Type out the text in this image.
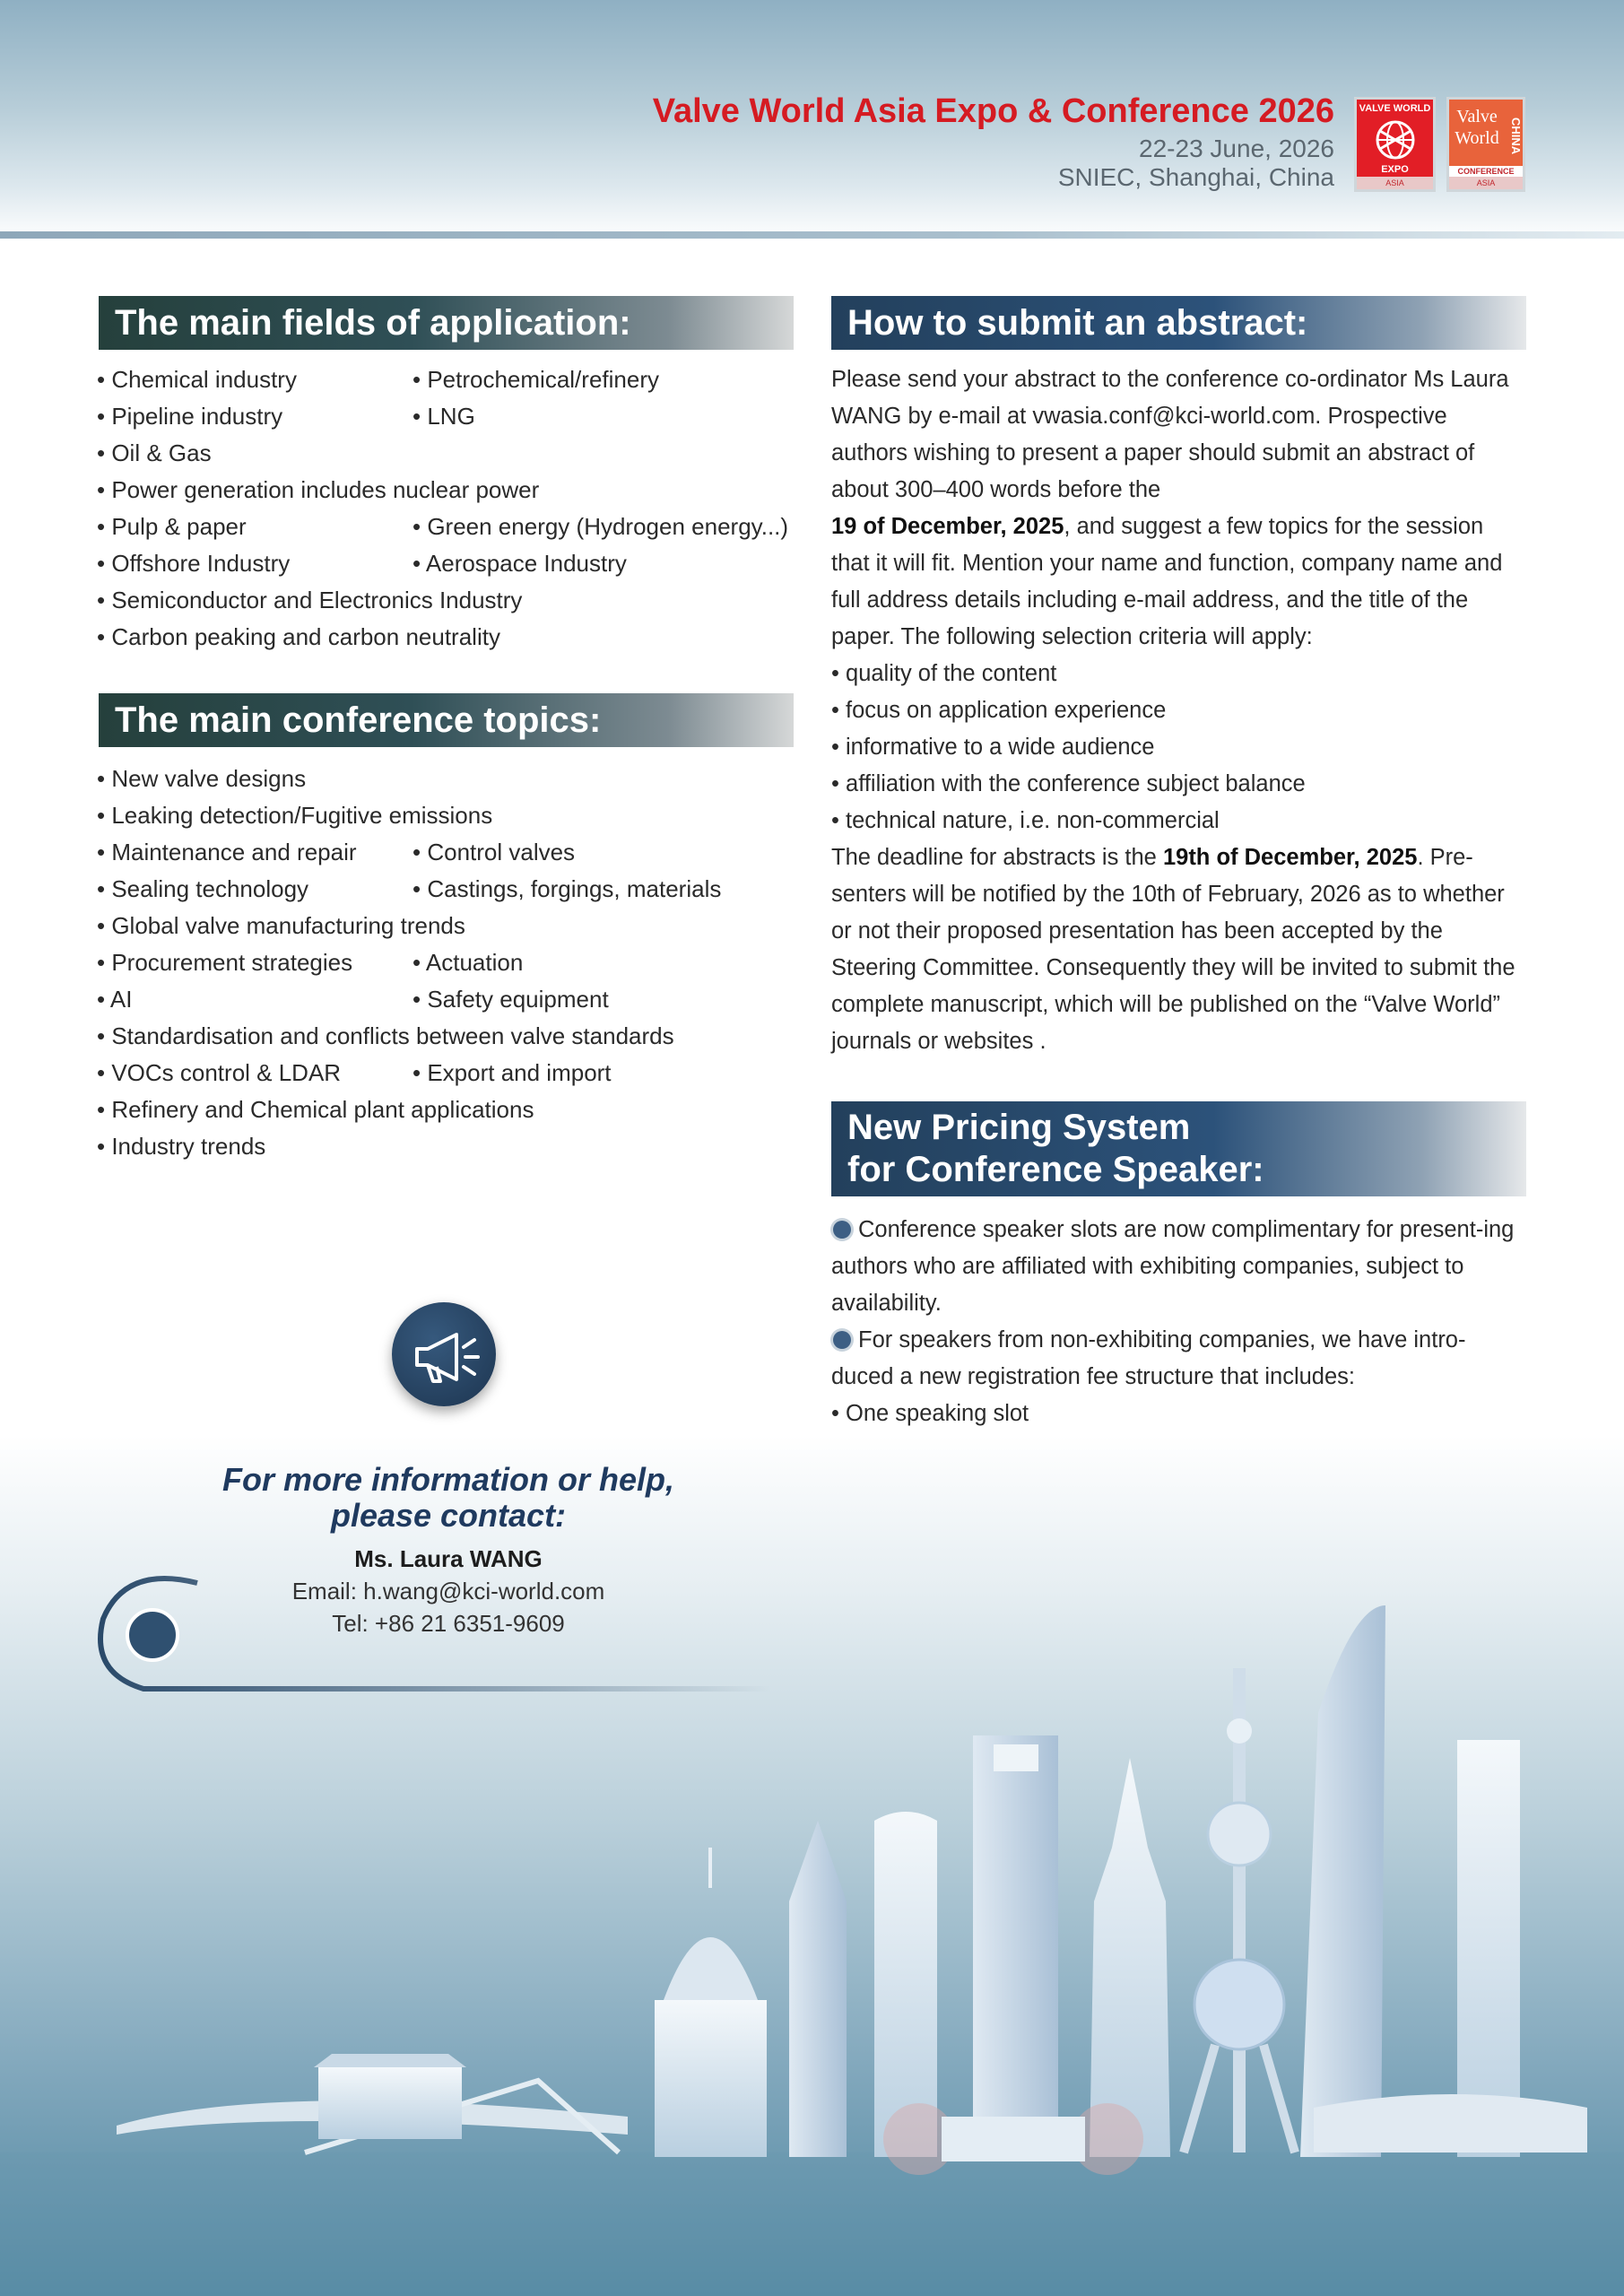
Valve World Asia Expo & Conference 2026
22-23 June, 2026
SNIEC, Shanghai, China
VALVE WORLD
EXPO
ASIA
Valve
World CHINA
CONFERENCE
ASIA
The main fields of application:
• Chemical industry	• Petrochemical/refinery
• Pipeline industry	• LNG
• Oil & Gas
• Power generation includes nuclear power
• Pulp & paper	• Green energy (Hydrogen energy...)
• Offshore Industry	• Aerospace Industry
• Semiconductor and Electronics Industry
• Carbon peaking and carbon neutrality
The main conference topics:
• New valve designs
• Leaking detection/Fugitive emissions
• Maintenance and repair • Control valves
• Sealing technology	• Castings, forgings, materials
• Global valve manufacturing trends
• Procurement strategies	• Actuation
• AI	• Safety equipment
• Standardisation and conflicts between valve standards
• VOCs control & LDAR	• Export and import
• Refinery and Chemical plant applications
• Industry trends
How to submit an abstract:
Please send your abstract to the conference co-ordinator Ms Laura WANG by e-mail at vwasia.conf@kci-world.com. Prospective authors wishing to present a paper should submit an abstract of about 300–400 words before the
19 of December, 2025, and suggest a few topics for the session that it will fit. Mention your name and function, company name and full address details including e-mail address, and the title of the paper. The following selection criteria will apply:
• quality of the content
• focus on application experience
• informative to a wide audience
• affiliation with the conference subject balance
• technical nature, i.e. non-commercial
The deadline for abstracts is the 19th of December, 2025. Pre-senters will be notified by the 10th of February, 2026 as to whether or not their proposed presentation has been accepted by the Steering Committee. Consequently they will be invited to submit the complete manuscript, which will be published on the “Valve World” journals or websites .
New Pricing System
for Conference Speaker:
Conference speaker slots are now complimentary for present-ing authors who are affiliated with exhibiting companies, subject to availability.
For speakers from non-exhibiting companies, we have intro-duced a new registration fee structure that includes:
• One speaking slot
For more information or help,
please contact:
Ms. Laura WANG
Email: h.wang@kci-world.com
Tel: +86 21 6351-9609
